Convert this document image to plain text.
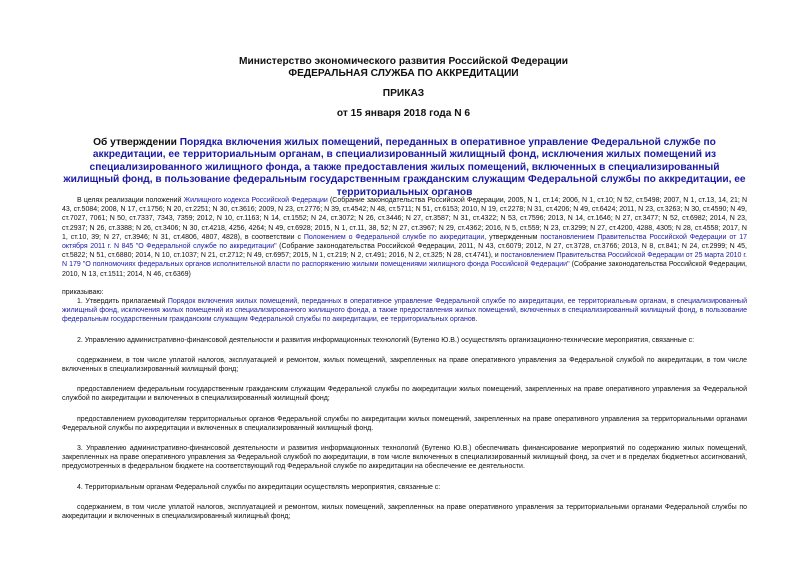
Министерство экономического развития Российской Федерации
ФЕДЕРАЛЬНАЯ СЛУЖБА ПО АККРЕДИТАЦИИ
ПРИКАЗ
от 15 января 2018 года N 6
Об утверждении Порядка включения жилых помещений, переданных в оперативное управление Федеральной службе по аккредитации, ее территориальным органам, в специализированный жилищный фонд, исключения жилых помещений из специализированного жилищного фонда, а также предоставления жилых помещений, включенных в специализированный жилищный фонд, в пользование федеральным государственным гражданским служащим Федеральной службы по аккредитации, ее территориальных органов

В целях реализации положений Жилищного кодекса Российской Федерации (Собрание законодательства Российской Федерации, 2005, N 1, ст.14; 2006, N 1, ст.10; N 52, ст.5498; 2007, N 1, ст.13, 14, 21; N 43, ст.5084; 2008, N 17, ст.1756; N 20, ст.2251; N 30, ст.3616; 2009, N 23, ст.2776; N 39, ст.4542; N 48, ст.5711; N 51, ст.6153; 2010, N 19, ст.2278; N 31, ст.4206; N 49, ст.6424; 2011, N 23, ст.3263; N 30, ст.4590; N 49, ст.7027, 7061; N 50, ст.7337, 7343, 7359; 2012, N 10, ст.1163; N 14, ст.1552; N 24, ст.3072; N 26, ст.3446; N 27, ст.3587; N 31, ст.4322; N 53, ст.7596; 2013, N 14, ст.1646; N 27, ст.3477; N 52, ст.6982; 2014, N 23, ст.2937; N 26, ст.3388; N 26, ст.3406; N 30, ст.4218, 4256, 4264; N 49, ст.6928; 2015, N 1, ст.11, 38, 52; N 27, ст.3967; N 29, ст.4362; 2016, N 5, ст.559; N 23, ст.3299; N 27, ст.4200, 4288, 4305; N 28, ст.4558; 2017, N 1, ст.10, 39; N 27, ст.3946; N 31, ст.4806, 4807, 4828), в соответствии с Положением о Федеральной службе по аккредитации, утвержденным постановлением Правительства Российской Федерации от 17 октября 2011 г. N 845 "О Федеральной службе по аккредитации" (Собрание законодательства Российской Федерации, 2011, N 43, ст.6079; 2012, N 27, ст.3728, ст.3766; 2013, N 8, ст.841; N 24, ст.2999; N 45, ст.5822; N 51, ст.6880; 2014, N 10, ст.1037; N 21, ст.2712; N 49, ст.6957; 2015, N 1, ст.219; N 2, ст.491; 2016, N 2, ст.325; N 28, ст.4741), и постановлением Правительства Российской Федерации от 25 марта 2010 г. N 179 "О полномочиях федеральных органов исполнительной власти по распоряжению жилыми помещениями жилищного фонда Российской Федерации" (Собрание законодательства Российской Федерации, 2010, N 13, ст.1511; 2014, N 46, ст.6369)

приказываю:

1. Утвердить прилагаемый Порядок включения жилых помещений, переданных в оперативное управление Федеральной службе по аккредитации, ее территориальным органам, в специализированный жилищный фонд, исключения жилых помещений из специализированного жилищного фонда, а также предоставления жилых помещений, включенных в специализированный жилищный фонд, в пользование федеральным государственным гражданским служащим Федеральной службы по аккредитации, ее территориальных органов.

2. Управлению административно-финансовой деятельности и развития информационных технологий (Бутенко Ю.В.) осуществлять организационно-технические мероприятия, связанные с:

содержанием, в том числе уплатой налогов, эксплуатацией и ремонтом, жилых помещений, закрепленных на праве оперативного управления за Федеральной службой по аккредитации, в том числе включенных в специализированный жилищный фонд;

предоставлением федеральным государственным гражданским служащим Федеральной службы по аккредитации жилых помещений, закрепленных на праве оперативного управления за Федеральной службой по аккредитации и включенных в специализированный жилищный фонд;

предоставлением руководителям территориальных органов Федеральной службы по аккредитации жилых помещений, закрепленных на праве оперативного управления за территориальными органами Федеральной службы по аккредитации и включенных в специализированный жилищный фонд.

3. Управлению административно-финансовой деятельности и развития информационных технологий (Бутенко Ю.В.) обеспечивать финансирование мероприятий по содержанию жилых помещений, закрепленных на праве оперативного управления за Федеральной службой по аккредитации, в том числе включенных в специализированный жилищный фонд, за счет и в пределах бюджетных ассигнований, предусмотренных в федеральном бюджете на соответствующий год Федеральной службе по аккредитации на обеспечение ее деятельности.

4. Территориальным органам Федеральной службы по аккредитации осуществлять мероприятия, связанные с:

содержанием, в том числе уплатой налогов, эксплуатацией и ремонтом, жилых помещений, закрепленных на праве оперативного управления за территориальными органами Федеральной службы по аккредитации и включенных в специализированный жилищный фонд;
